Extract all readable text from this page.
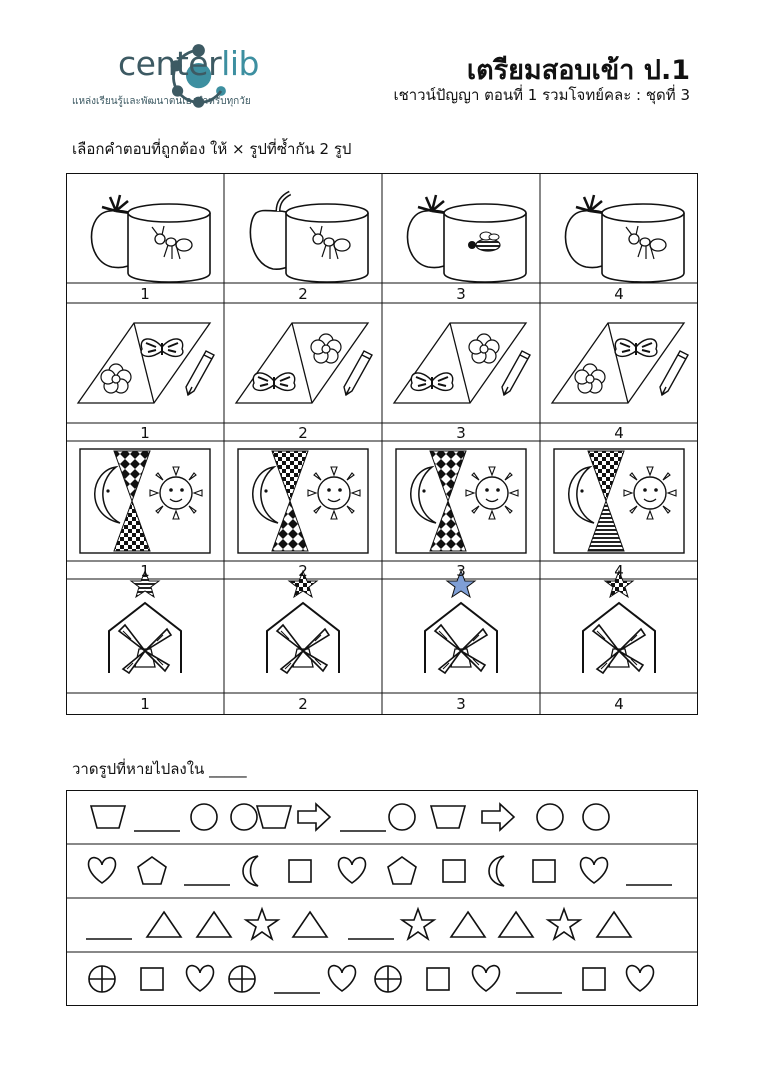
centerlib
แหล่งเรียนรู้และพัฒนาตนเองสำหรับทุกวัย
เตรียมสอบเข้า ป.1
เชาวน์ปัญญา ตอนที่ 1 รวมโจทย์คละ : ชุดที่ 3
เลือกคำตอบที่ถูกต้อง ให้ × รูปที่ซ้ำกัน 2 รูป
1	2	3	4
1	2	3	4
1	2	3	4
1	2	3	4
วาดรูปที่หายไปลงใน _____
